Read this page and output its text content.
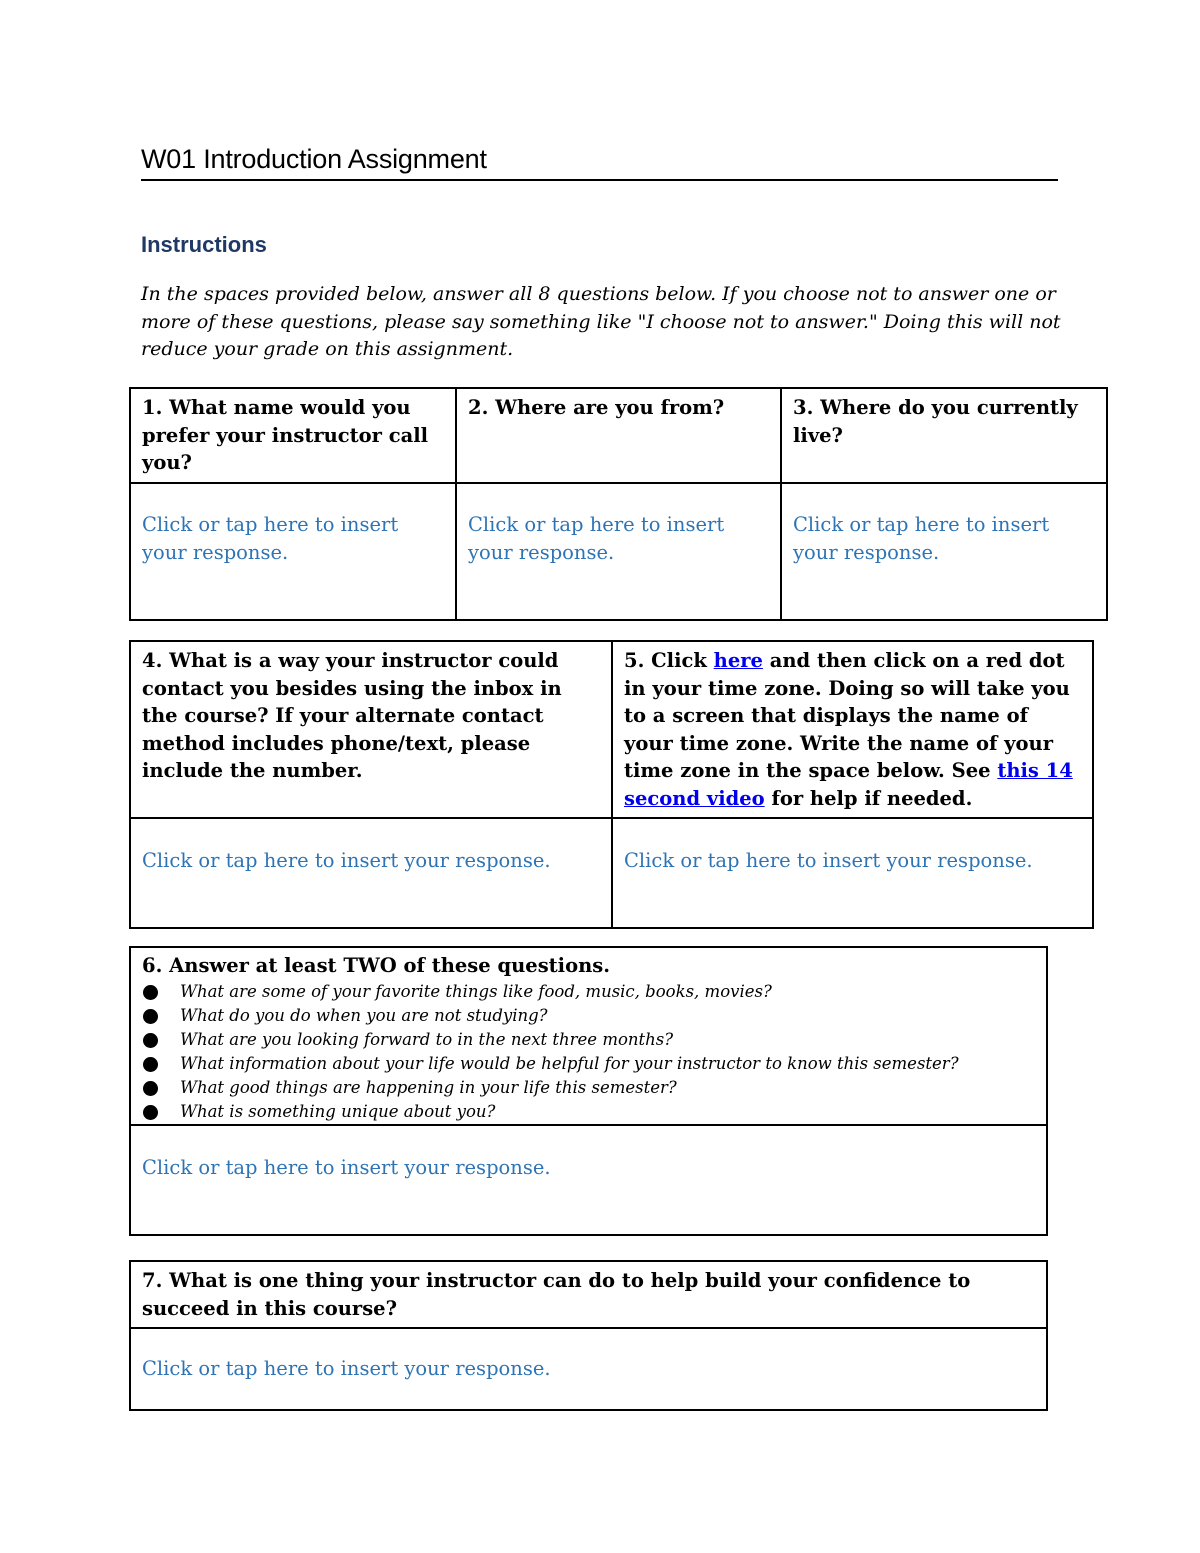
W01 Introduction Assignment
Instructions

In the spaces provided below, answer all 8 questions below. If you choose not to answer one or more of these questions, please say something like "I choose not to answer." Doing this will not reduce your grade on this assignment.

1. What name would you prefer your instructor call you?	2. Where are you from?	3. Where do you currently live?
Click or tap here to insert your response.	Click or tap here to insert your response.	Click or tap here to insert your response.
4. What is a way your instructor could contact you besides using the inbox in the course? If your alternate contact method includes phone/text, please include the number.	5. Click here and then click on a red dot in your time zone. Doing so will take you to a screen that displays the name of your time zone. Write the name of your time zone in the space below. See this 14 second video for help if needed.
Click or tap here to insert your response.	Click or tap here to insert your response.
6. Answer at least TWO of these questions.
What are some of your favorite things like food, music, books, movies?
What do you do when you are not studying?
What are you looking forward to in the next three months?
What information about your life would be helpful for your instructor to know this semester?
What good things are happening in your life this semester?
What is something unique about you?

Click or tap here to insert your response.
7. What is one thing your instructor can do to help build your confidence to succeed in this course?
Click or tap here to insert your response.
